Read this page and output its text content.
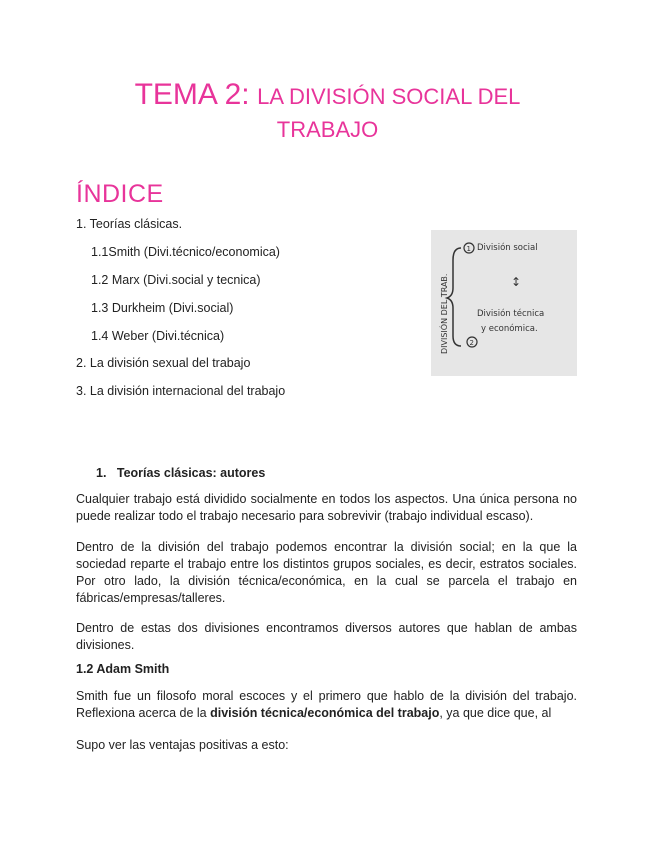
TEMA 2: LA DIVISIÓN SOCIAL DEL
TRABAJO
ÍNDICE
1. Teorías clásicas.
1.1Smith (Divi.técnico/economica)
1.2 Marx (Divi.social y tecnica)
1.3 Durkheim (Divi.social)
1.4 Weber (Divi.técnica)
2. La división sexual del trabajo
3. La división internacional del trabajo
DIVISIÓN DEL TRAB.
1 División social
↕
División técnica
y económica.
2
1. Teorías clásicas: autores
Cualquier trabajo está dividido socialmente en todos los aspectos. Una única persona no puede realizar todo el trabajo necesario para sobrevivir (trabajo individual escaso).
Dentro de la división del trabajo podemos encontrar la división social; en la que la sociedad reparte el trabajo entre los distintos grupos sociales, es decir, estratos sociales. Por otro lado, la división técnica/económica, en la cual se parcela el trabajo en fábricas/empresas/talleres.
Dentro de estas dos divisiones encontramos diversos autores que hablan de ambas divisiones.
1.2 Adam Smith
Smith fue un filosofo moral escoces y el primero que hablo de la división del trabajo. Reflexiona acerca de la división técnica/económica del trabajo, ya que dice que, al
Supo ver las ventajas positivas a esto:
